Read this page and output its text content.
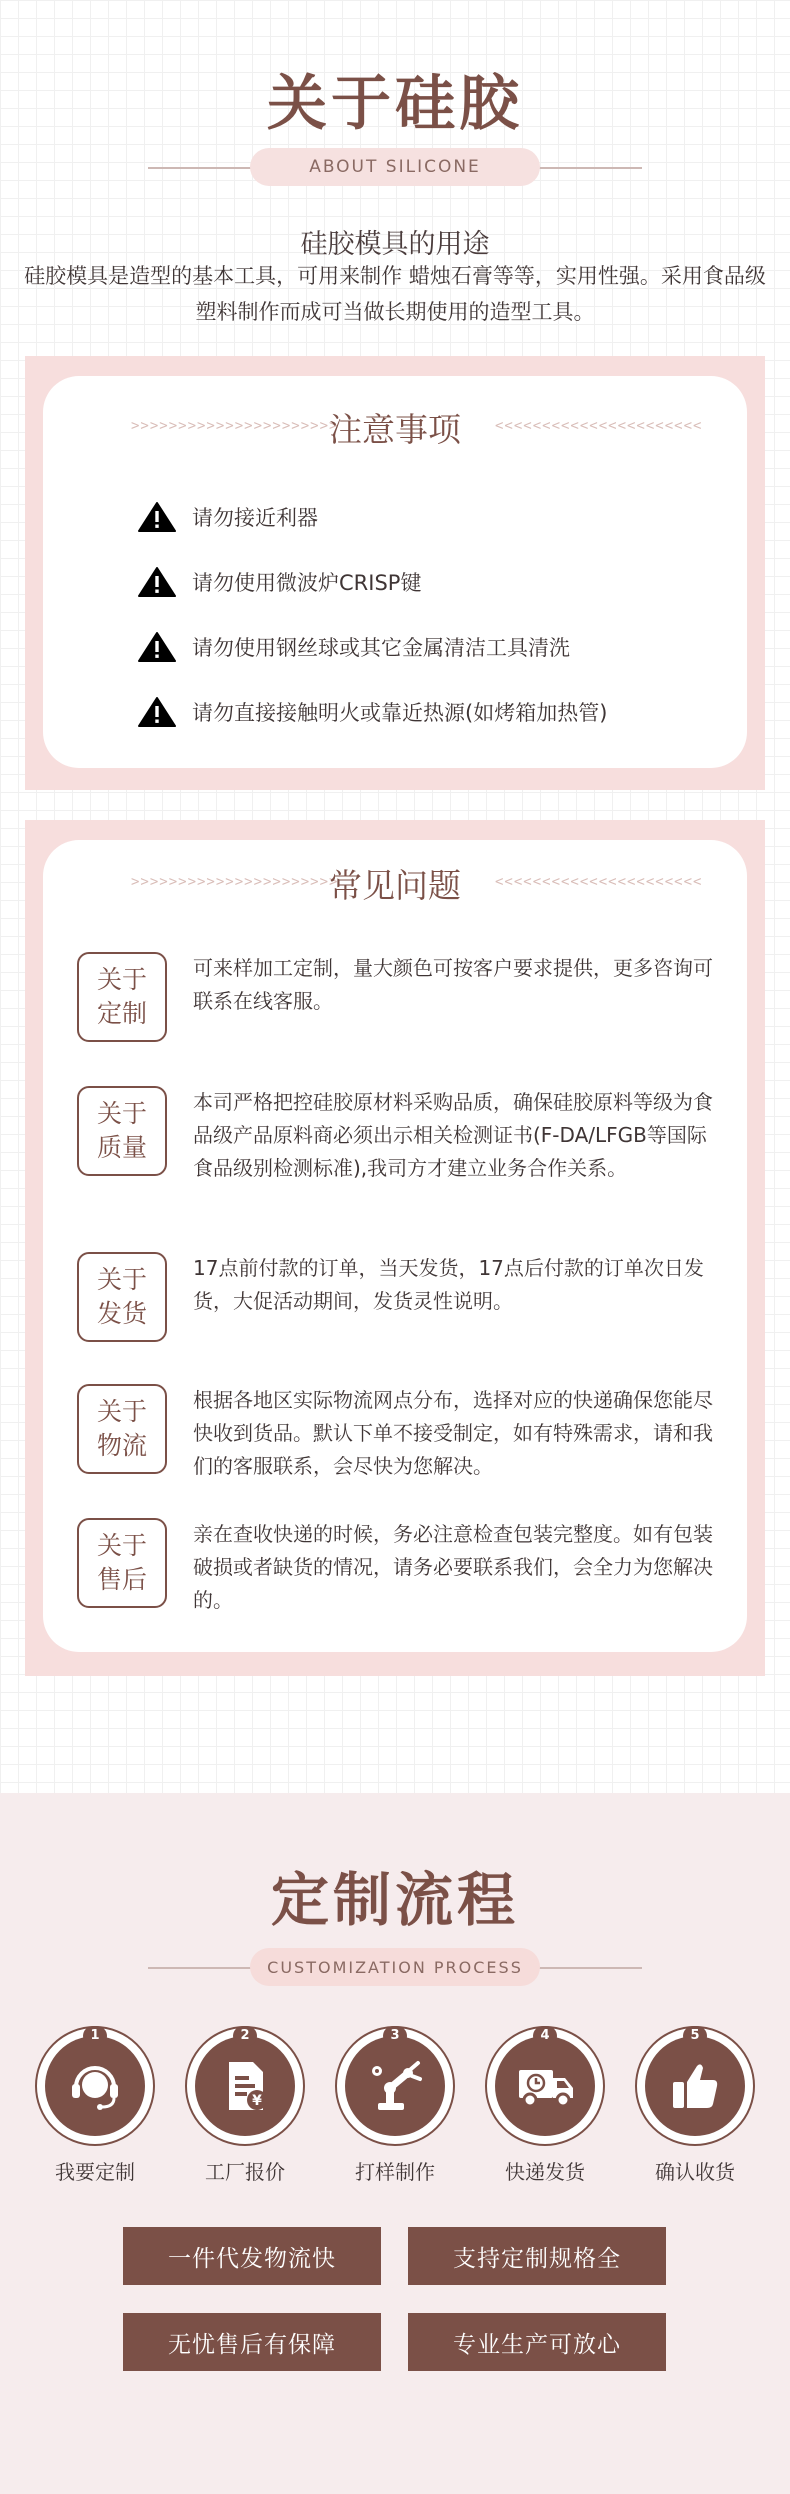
关于硅胶
ABOUT SILICONE
硅胶模具的用途
硅胶模具是造型的基本工具，可用来制作 蜡烛石膏等等，实用性强。采用食品级塑料制作而成可当做长期使用的造型工具。
>>>>>>>>>>>>>>>>>>>>>>
注意事项	<<<<<<<<<<<<<<<<<<<<<<
请勿接近利器
请勿使用微波炉CRISP键
请勿使用钢丝球或其它金属清洁工具清洗
请勿直接接触明火或靠近热源(如烤箱加热管)
>>>>>>>>>>>>>>>>>>>>>>
常见问题	<<<<<<<<<<<<<<<<<<<<<<
关于
定制
可来样加工定制，量大颜色可按客户要求提供，更多咨询可联系在线客服。
关于
质量
本司严格把控硅胶原材料采购品质，确保硅胶原料等级为食品级产品原料商必须出示相关检测证书(F-DA/LFGB等国际食品级别检测标准),我司方才建立业务合作关系。
关于
发货
17点前付款的订单，当天发货，17点后付款的订单次日发货，大促活动期间，发货灵性说明。
关于
物流
根据各地区实际物流网点分布，选择对应的快递确保您能尽快收到货品。默认下单不接受制定，如有特殊需求，请和我们的客服联系，会尽快为您解决。
关于
售后
亲在查收快递的时候，务必注意检查包装完整度。如有包装破损或者缺货的情况，请务必要联系我们，会全力为您解决的。
定制流程
CUSTOMIZATION PROCESS
1
我要定制
2
¥
工厂报价
3
打样制作
4
快递发货
5
确认收货
一件代发物流快	支持定制规格全
无忧售后有保障	专业生产可放心
